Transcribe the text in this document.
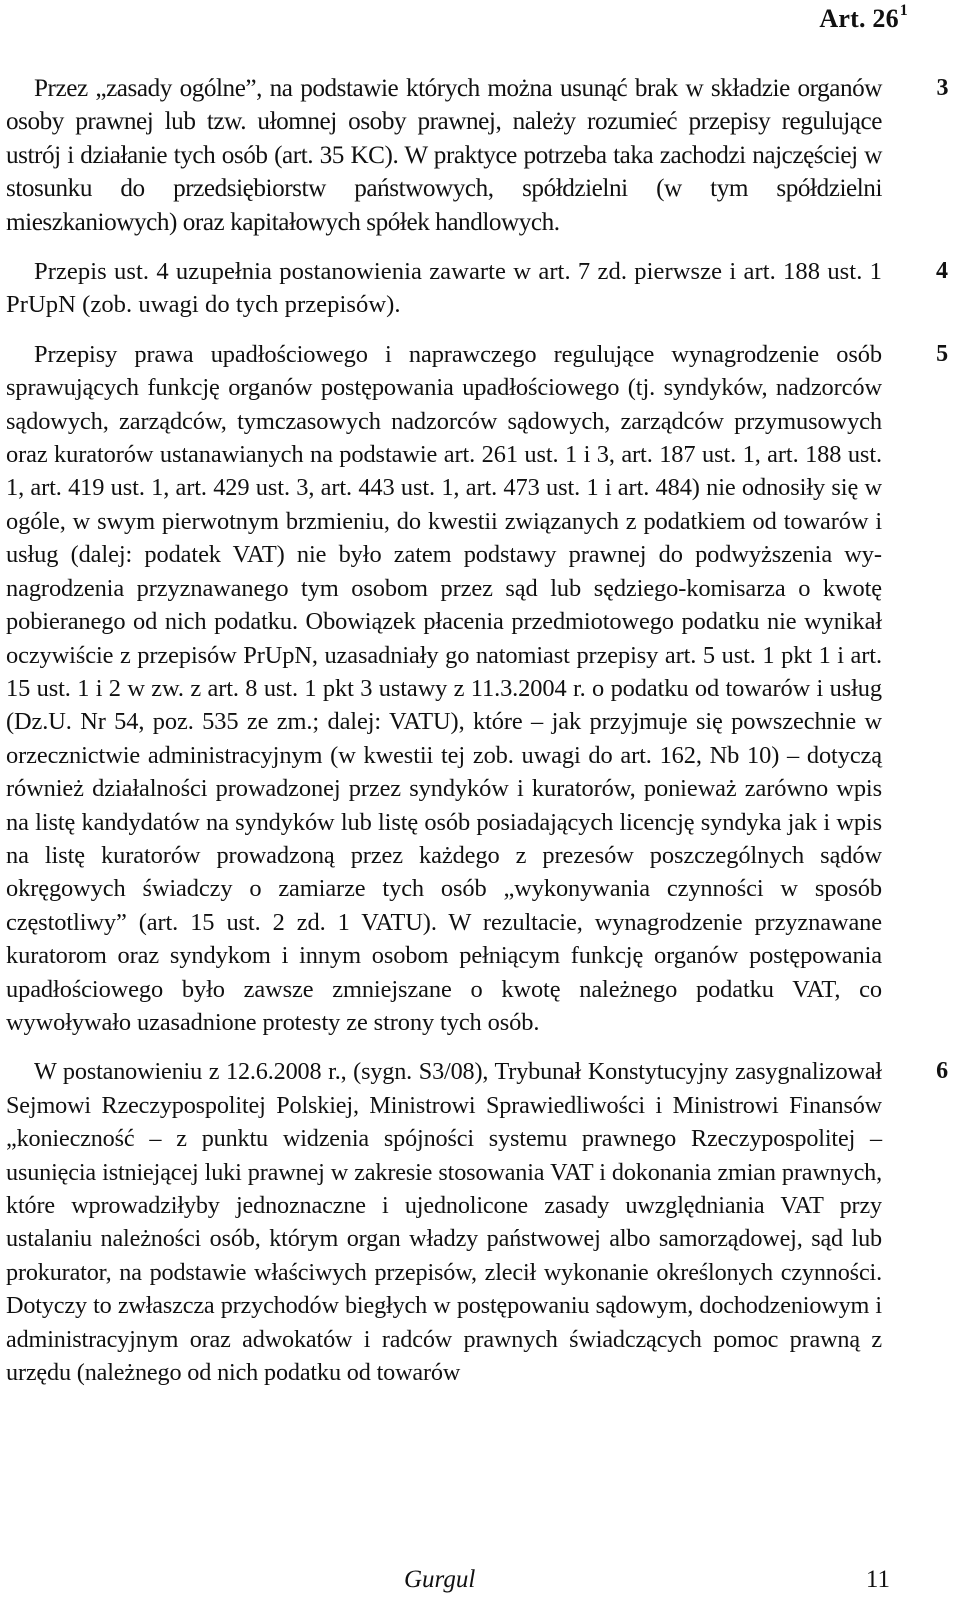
Art. $26^1$
Przez „zasady ogólne”, na podstawie których można usunąć brak w składzie organów osoby prawnej lub tzw. ułomnej osoby prawnej, należy rozumieć przepisy regulujące ustrój i działanie tych osób (art. 35 KC). W praktyce potrzeba taka zachodzi najczęściej w stosunku do przedsiębiorstw państwowych, spółdzielni (w tym spółdzielni mieszkaniowych) oraz kapitałowych spółek handlowych.
3
Przepis ust. 4 uzupełnia postanowienia zawarte w art. 7 zd. pierwsze i art. 188 ust. 1 PrUpN (zob. uwagi do tych przepisów).
4
Przepisy prawa upadłościowego i naprawczego regulujące wynagrodzenie osób sprawujących funkcję organów postępowania upadłościowego (tj. syndyków, nadzorców sądowych, zarządców, tymczasowych nadzorców sądowych, zarządców przymusowych oraz kuratorów ustanawianych na podstawie art. 261 ust. 1 i 3, art. 187 ust. 1, art. 188 ust. 1, art. 419 ust. 1, art. 429 ust. 3, art. 443 ust. 1, art. 473 ust. 1 i art. 484) nie odnosiły się w ogóle, w swym pierwotnym brzmieniu, do kwestii związanych z podatkiem od towarów i usług (dalej: podatek VAT) nie było zatem podstawy prawnej do podwyższenia wynagrodzenia przyznawanego tym osobom przez sąd lub sędziego-komisarza o kwotę pobieranego od nich podatku. Obowiązek płacenia przedmiotowego podatku nie wynikał oczywiście z przepisów PrUpN, uzasadniały go natomiast przepisy art. 5 ust. 1 pkt 1 i art. 15 ust. 1 i 2 w zw. z art. 8 ust. 1 pkt 3 ustawy z 11.3.2004 r. o podatku od towarów i usług (Dz.U. Nr 54, poz. 535 ze zm.; dalej: VATU), które – jak przyjmuje się powszechnie w orzecznictwie administracyjnym (w kwestii tej zob. uwagi do art. 162, Nb 10) – dotyczą również działalności prowadzonej przez syndyków i kuratorów, ponieważ zarówno wpis na listę kandydatów na syndyków lub listę osób posiadających licencję syndyka jak i wpis na listę kuratorów prowadzoną przez każdego z prezesów poszczególnych sądów okręgowych świadczy o zamiarze tych osób „wykonywania czynności w sposób częstotliwy” (art. 15 ust. 2 zd. 1 VATU). W rezultacie, wynagrodzenie przyznawane kuratorom oraz syndykom i innym osobom pełniącym funkcję organów postępowania upadłościowego było zawsze zmniejszane o kwotę należnego podatku VAT, co wywoływało uzasadnione protesty ze strony tych osób.
5
W postanowieniu z 12.6.2008 r., (sygn. S3/08), Trybunał Konstytucyjny zasygnalizował Sejmowi Rzeczypospolitej Polskiej, Ministrowi Sprawiedliwości i Ministrowi Finansów „konieczność – z punktu widzenia spójności systemu prawnego Rzeczypospolitej – usunięcia istniejącej luki prawnej w zakresie stosowania VAT i dokonania zmian prawnych, które wprowadziłyby jednoznaczne i ujednolicone zasady uwzględniania VAT przy ustalaniu należności osób, którym organ władzy państwowej albo samorządowej, sąd lub prokurator, na podstawie właściwych przepisów, zlecił wykonanie określonych czynności. Dotyczy to zwłaszcza przychodów biegłych w postępowaniu sądowym, dochodzeniowym i administracyjnym oraz adwokatów i radców prawnych świadczących pomoc prawną z urzędu (należnego od nich podatku od towarów
6
Gurgul	11
